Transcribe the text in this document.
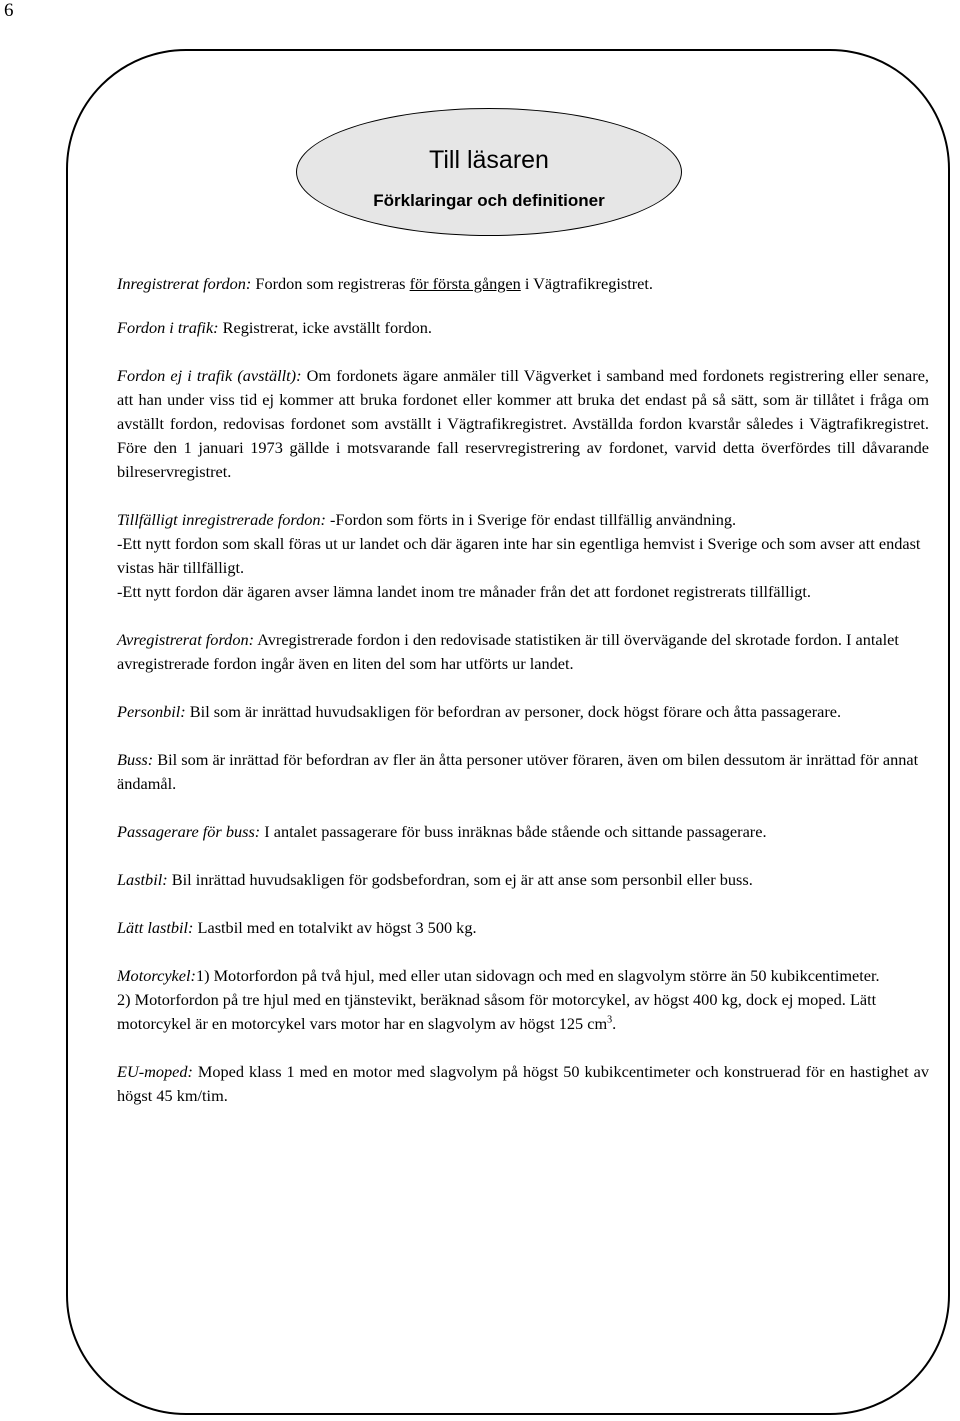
6
Till läsaren
Förklaringar och definitioner

Inregistrerat fordon: Fordon som registreras för första gången i Vägtrafikregistret.

Fordon i trafik: Registrerat, icke avställt fordon.

Fordon ej i trafik (avställt): Om fordonets ägare anmäler till Vägverket i samband med fordonets registrering eller senare, att han under viss tid ej kommer att bruka fordonet eller kommer att bruka det endast på så sätt, som är tillåtet i fråga om avställt fordon, redovisas fordonet som avställt i Vägtrafikregistret. Avställda fordon kvarstår således i Vägtrafikregistret. Före den 1 januari 1973 gällde i motsvarande fall reservregistrering av fordonet, varvid detta överfördes till dåvarande bilreservregistret.

Tillfälligt inregistrerade fordon: -Fordon som förts in i Sverige för endast tillfällig användning.

-Ett nytt fordon som skall föras ut ur landet och där ägaren inte har sin egentliga hemvist i Sverige och som avser att endast vistas här tillfälligt.

-Ett nytt fordon där ägaren avser lämna landet inom tre månader från det att fordonet registrerats tillfälligt.

Avregistrerat fordon: Avregistrerade fordon i den redovisade statistiken är till övervägande del skrotade fordon. I antalet avregistrerade fordon ingår även en liten del som har utförts ur landet.

Personbil: Bil som är inrättad huvudsakligen för befordran av personer, dock högst förare och åtta passagerare.

Buss: Bil som är inrättad för befordran av fler än åtta personer utöver föraren, även om bilen dessutom är inrättad för annat ändamål.

Passagerare för buss: I antalet passagerare för buss inräknas både stående och sittande passagerare.

Lastbil: Bil inrättad huvudsakligen för godsbefordran, som ej är att anse som personbil eller buss.

Lätt lastbil: Lastbil med en totalvikt av högst 3 500 kg.

Motorcykel:1) Motorfordon på två hjul, med eller utan sidovagn och med en slagvolym större än 50 kubikcentimeter.

2) Motorfordon på tre hjul med en tjänstevikt, beräknad såsom för motorcykel, av högst 400 kg, dock ej moped. Lätt motorcykel är en motorcykel vars motor har en slagvolym av högst 125 $cm^3$.

EU-moped: Moped klass 1 med en motor med slagvolym på högst 50 kubikcentimeter och konstruerad för en hastighet av högst 45 km/tim.
